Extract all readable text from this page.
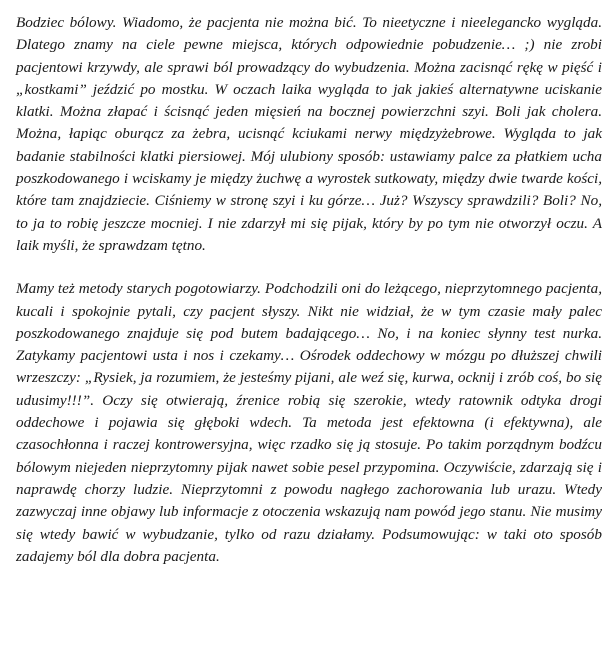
Bodziec bólowy. Wiadomo, że pacjenta nie można bić. To nieetyczne i nieelegancko wygląda. Dlatego znamy na ciele pewne miejsca, których odpowiednie pobudzenie… ;) nie zrobi pacjentowi krzywdy, ale sprawi ból prowadzący do wybudzenia. Można zacisnąć rękę w pięść i „kostkami” jeździć po mostku. W oczach laika wygląda to jak jakieś alternatywne uciskanie klatki. Można złapać i ścisnąć jeden mięsień na bocznej powierzchni szyi. Boli jak cholera. Można, łapiąc oburącz za żebra, ucisnąć kciukami nerwy międzyżebrowe. Wygląda to jak badanie stabilności klatki piersiowej. Mój ulubiony sposób: ustawiamy palce za płatkiem ucha poszkodowanego i wciskamy je między żuchwę a wyrostek sutkowaty, między dwie twarde kości, które tam znajdziecie. Ciśniemy w stronę szyi i ku górze… Już? Wszyscy sprawdzili? Boli? No, to ja to robię jeszcze mocniej. I nie zdarzył mi się pijak, który by po tym nie otworzył oczu. A laik myśli, że sprawdzam tętno.

Mamy też metody starych pogotowiarzy. Podchodzili oni do leżącego, nieprzytomnego pacjenta, kucali i spokojnie pytali, czy pacjent słyszy. Nikt nie widział, że w tym czasie mały palec poszkodowanego znajduje się pod butem badającego… No, i na koniec słynny test nurka. Zatykamy pacjentowi usta i nos i czekamy… Ośrodek oddechowy w mózgu po dłuższej chwili wrzeszczy: „Rysiek, ja rozumiem, że jesteśmy pijani, ale weź się, kurwa, ocknij i zrób coś, bo się udusimy!!!”. Oczy się otwierają, źrenice robią się szerokie, wtedy ratownik odtyka drogi oddechowe i pojawia się głęboki wdech. Ta metoda jest efektowna (i efektywna), ale czasochłonna i raczej kontrowersyjna, więc rzadko się ją stosuje. Po takim porządnym bodźcu bólowym niejeden nieprzytomny pijak nawet sobie pesel przypomina. Oczywiście, zdarzają się i naprawdę chorzy ludzie. Nieprzytomni z powodu nagłego zachorowania lub urazu. Wtedy zazwyczaj inne objawy lub informacje z otoczenia wskazują nam powód jego stanu. Nie musimy się wtedy bawić w wybudzanie, tylko od razu działamy. Podsumowując: w taki oto sposób zadajemy ból dla dobra pacjenta.
